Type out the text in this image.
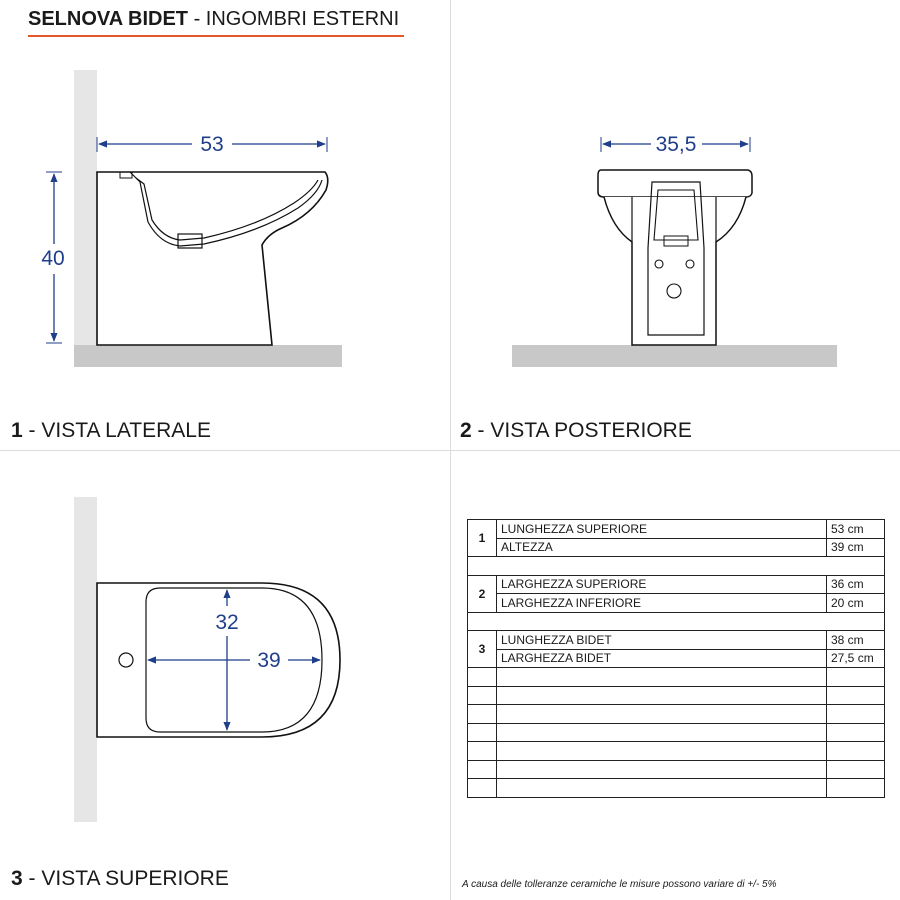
SELNOVA BIDET - INGOMBRI ESTERNI
53
40
35,5
32
39
1 - VISTA LATERALE	2 - VISTA POSTERIORE
3 - VISTA SUPERIORE
1	LUNGHEZZA SUPERIORE	53 cm
	ALTEZZA	39 cm

2	LARGHEZZA SUPERIORE	36 cm
	LARGHEZZA INFERIORE	20 cm

3	LUNGHEZZA BIDET	38 cm
	LARGHEZZA BIDET	27,5 cm

A causa delle tolleranze ceramiche le misure possono variare di +/- 5%
